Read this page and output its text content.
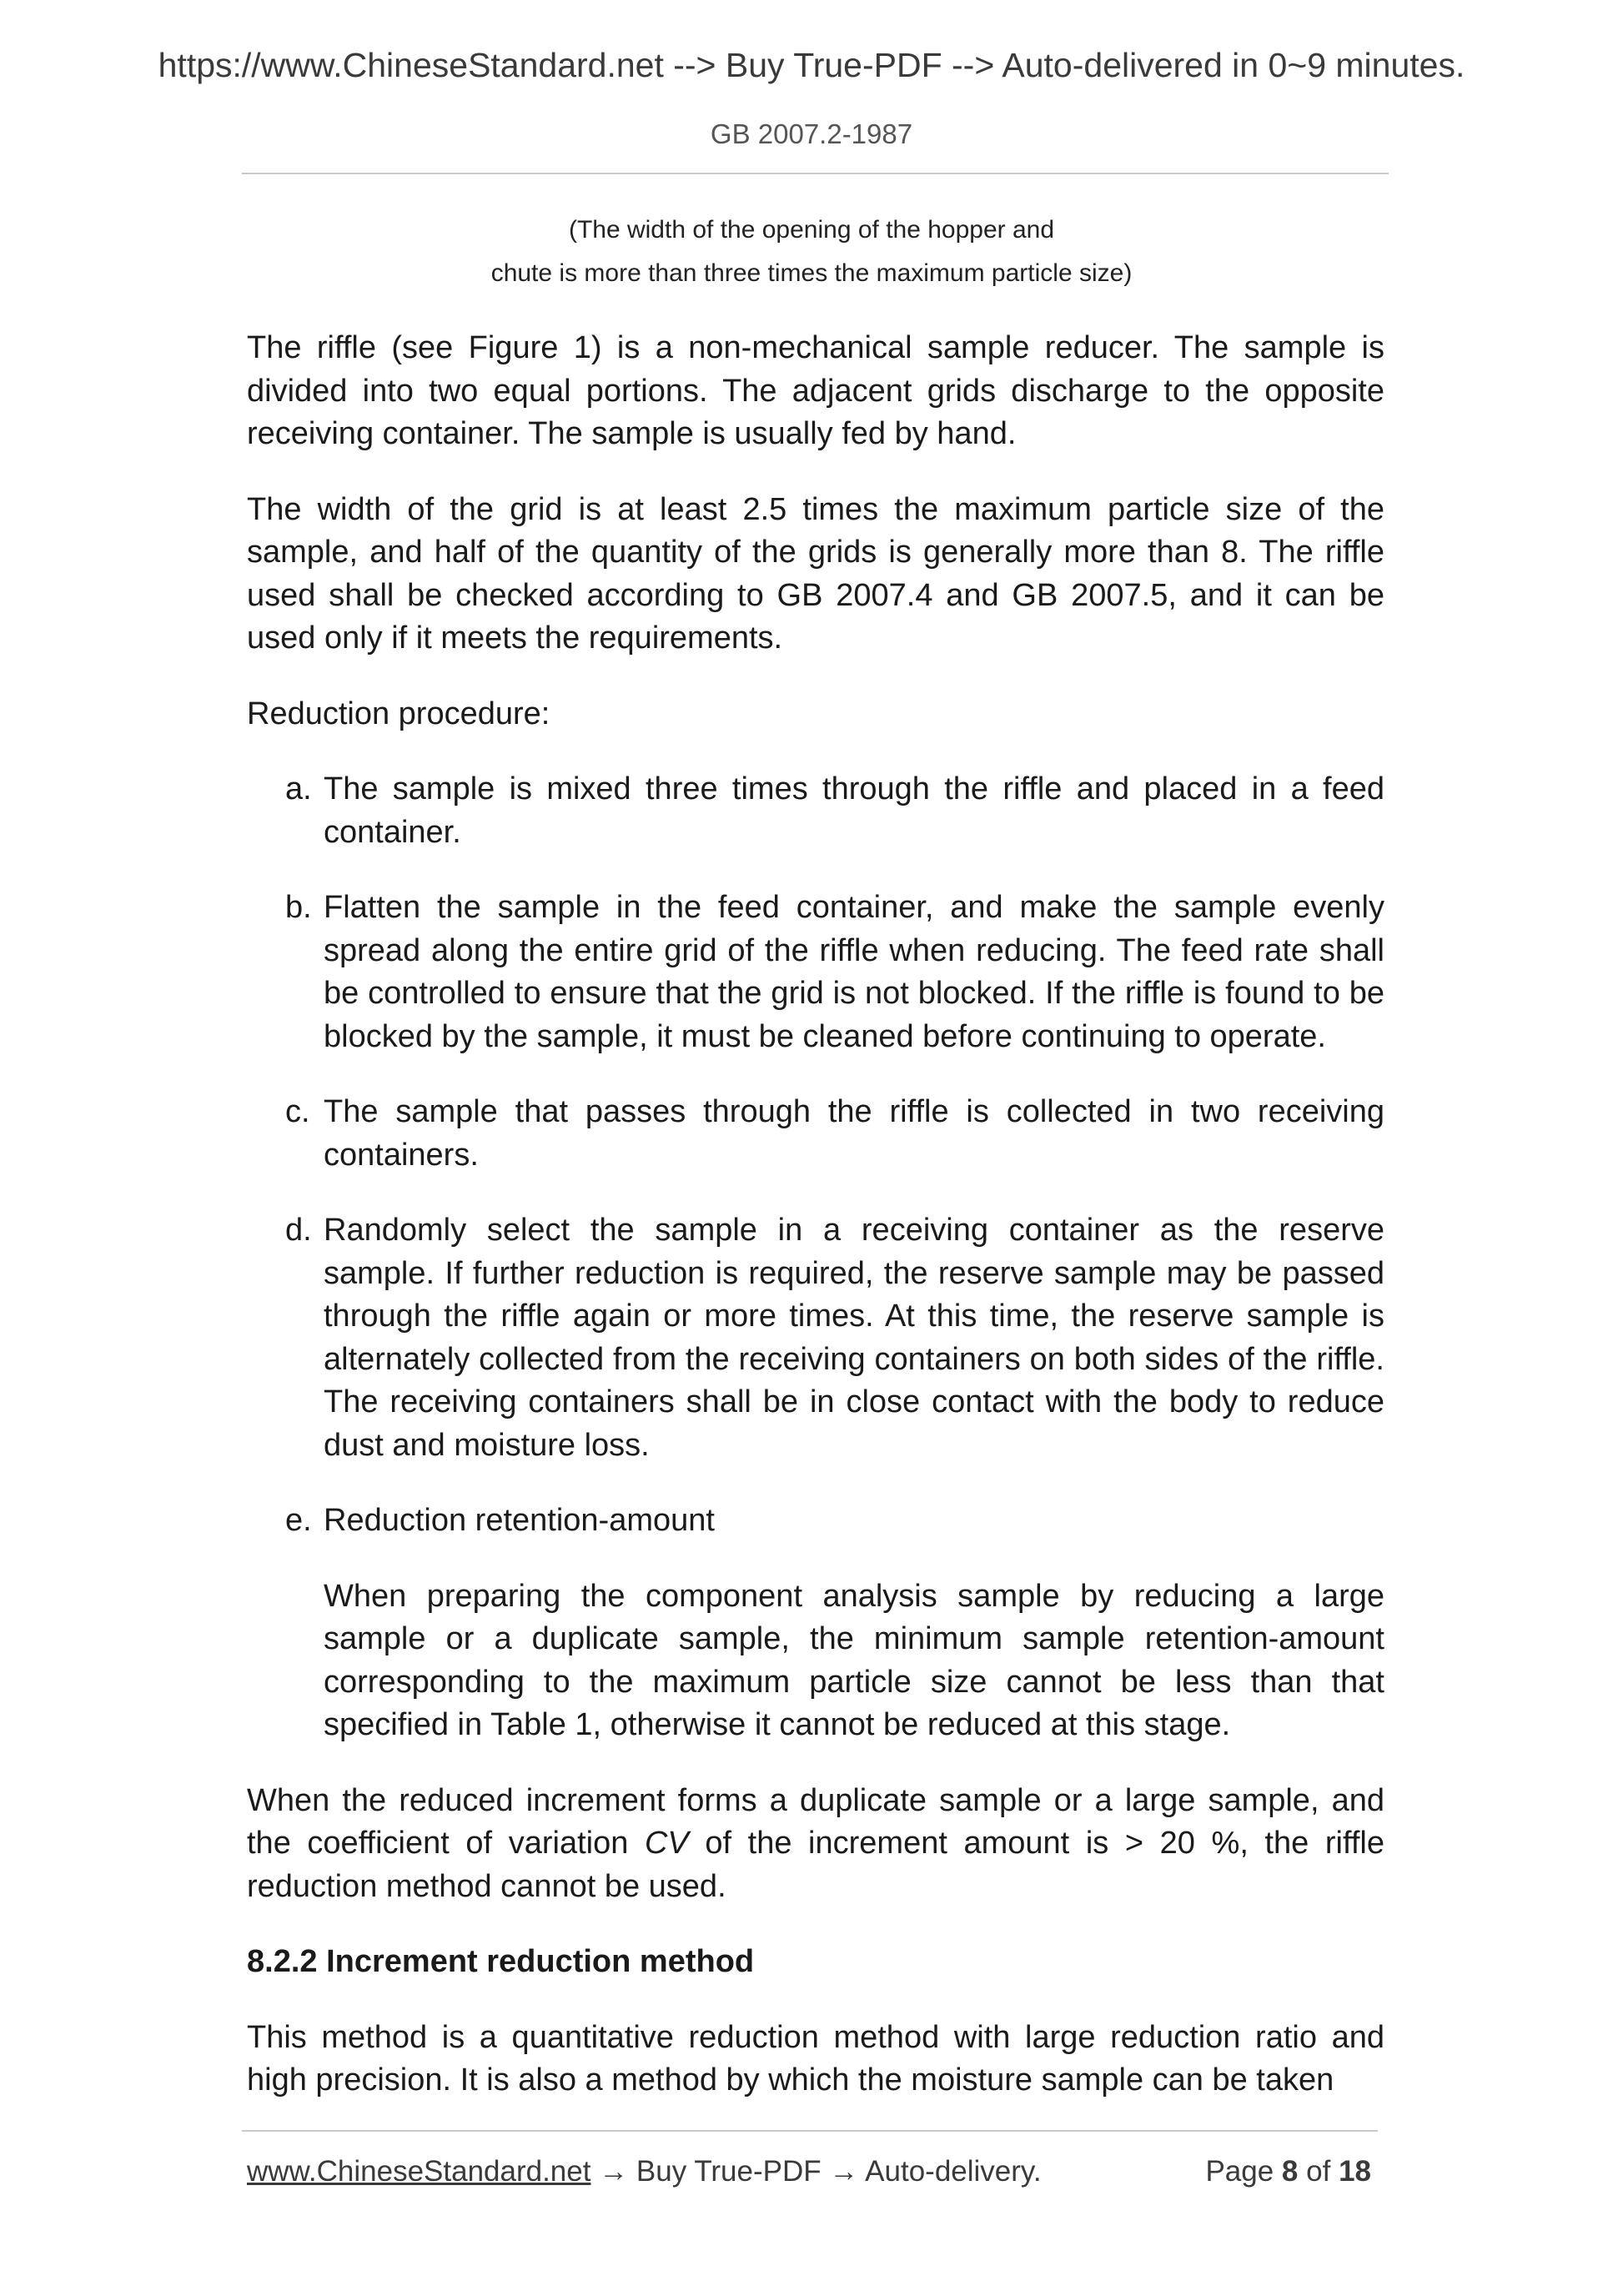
https://www.ChineseStandard.net --> Buy True-PDF --> Auto-delivered in 0~9 minutes.
GB 2007.2-1987
(The width of the opening of the hopper and
chute is more than three times the maximum particle size)

The riffle (see Figure 1) is a non-mechanical sample reducer. The sample is divided into two equal portions. The adjacent grids discharge to the opposite receiving container. The sample is usually fed by hand.

The width of the grid is at least 2.5 times the maximum particle size of the sample, and half of the quantity of the grids is generally more than 8. The riffle used shall be checked according to GB 2007.4 and GB 2007.5, and it can be used only if it meets the requirements.

Reduction procedure:

a. The sample is mixed three times through the riffle and placed in a feed container.
b. Flatten the sample in the feed container, and make the sample evenly spread along the entire grid of the riffle when reducing. The feed rate shall be controlled to ensure that the grid is not blocked. If the riffle is found to be blocked by the sample, it must be cleaned before continuing to operate.
c. The sample that passes through the riffle is collected in two receiving containers.
d. Randomly select the sample in a receiving container as the reserve sample. If further reduction is required, the reserve sample may be passed through the riffle again or more times. At this time, the reserve sample is alternately collected from the receiving containers on both sides of the riffle. The receiving containers shall be in close contact with the body to reduce dust and moisture loss.
e. Reduction retention-amount
When preparing the component analysis sample by reducing a large sample or a duplicate sample, the minimum sample retention-amount corresponding to the maximum particle size cannot be less than that specified in Table 1, otherwise it cannot be reduced at this stage.

When the reduced increment forms a duplicate sample or a large sample, and the coefficient of variation CV of the increment amount is > 20 %, the riffle reduction method cannot be used.

8.2.2 Increment reduction method

This method is a quantitative reduction method with large reduction ratio and high precision. It is also a method by which the moisture sample can be taken

www.ChineseStandard.net → Buy True-PDF → Auto-delivery.	Page 8 of 18
